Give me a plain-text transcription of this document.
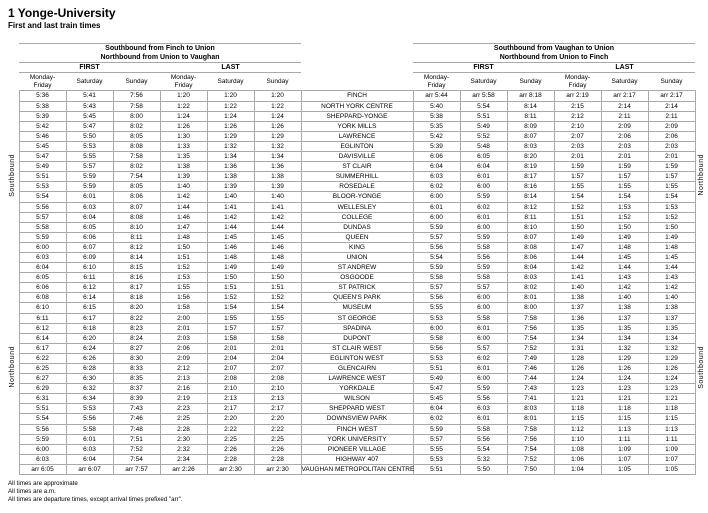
1 Yonge-University
First and last train times

	Southbound from Finch to Union							Southbound from Vaughan to Union						
	Northbound from Union to Vaughan							Northbound from Union to Finch						
	FIRST			LAST				FIRST			LAST			
	Monday-
Friday	Saturday	Sunday	Monday-
Friday	Saturday	Sunday		Monday-
Friday	Saturday	Sunday	Monday-
Friday	Saturday	Sunday	
Southbound	5:36	5:41	7:56	1:20	1:20	1:20	FINCH	arr 5:44	arr 5:58	arr 8:18	arr 2:19	arr 2:17	arr 2:17	Northbound
	5:38	5:43	7:58	1:22	1:22	1:22	NORTH YORK CENTRE	5:40	5:54	8:14	2:15	2:14	2:14	
	5:39	5:45	8:00	1:24	1:24	1:24	SHEPPARD-YONGE	5:38	5:51	8:11	2:12	2:11	2:11	
	5:42	5:47	8:02	1:26	1:26	1:26	YORK MILLS	5:35	5:49	8:09	2:10	2:09	2:09	
	5:46	5:50	8:05	1:30	1:29	1:29	LAWRENCE	5:42	5:52	8:07	2:07	2:06	2:06	
	5:45	5:53	8:08	1:33	1:32	1:32	EGLINTON	5:39	5:48	8:03	2:03	2:03	2:03	
	5:47	5:55	7:58	1:35	1:34	1:34	DAVISVILLE	6:06	6:05	8:20	2:01	2:01	2:01	
	5:49	5:57	8:02	1:38	1:36	1:36	ST CLAIR	6:04	6:04	8:19	1:59	1:59	1:59	
	5:51	5:59	7:54	1:39	1:38	1:38	SUMMERHILL	6:03	6:01	8:17	1:57	1:57	1:57	
	5:53	5:59	8:05	1:40	1:39	1:39	ROSEDALE	6:02	6:00	8:16	1:55	1:55	1:55	
	5:54	6:01	8:06	1:42	1:40	1:40	BLOOR-YONGE	6:00	5:59	8:14	1:54	1:54	1:54	
	5:56	6:03	8:07	1:44	1:41	1:41	WELLESLEY	6:01	6:02	8:12	1:52	1:53	1:53	
	5:57	6:04	8:08	1:46	1:42	1:42	COLLEGE	6:00	6:01	8:11	1:51	1:52	1:52	
	5:58	6:05	8:10	1:47	1:44	1:44	DUNDAS	5:59	6:00	8:10	1:50	1:50	1:50	
	5:59	6:06	8:11	1:48	1:45	1:45	QUEEN	5:57	5:59	8:07	1:49	1:49	1:49	
	6:00	6:07	8:12	1:50	1:46	1:46	KING	5:56	5:58	8:08	1:47	1:48	1:48	
	6:03	6:09	8:14	1:51	1:48	1:48	UNION	5:54	5:56	8:06	1:44	1:45	1:45	
Northbound	6:04	6:10	8:15	1:52	1:49	1:49	ST ANDREW	5:59	5:59	8:04	1:42	1:44	1:44	Southbound
	6:05	6:11	8:16	1:53	1:50	1:50	OSGOODE	5:58	5:58	8:03	1:41	1:43	1:43	
	6:06	6:12	8:17	1:55	1:51	1:51	ST PATRICK	5:57	5:57	8:02	1:40	1:42	1:42	
	6:08	6:14	8:18	1:56	1:52	1:52	QUEEN'S PARK	5:56	6:00	8:01	1:38	1:40	1:40	
	6:10	6:15	8:20	1:58	1:54	1:54	MUSEUM	5:55	6:00	8:00	1:37	1:38	1:38	
	6:11	6:17	8:22	2:00	1:55	1:55	ST GEORGE	5:53	5:58	7:58	1:36	1:37	1:37	
	6:12	6:18	8:23	2:01	1:57	1:57	SPADINA	6:00	6:01	7:56	1:35	1:35	1:35	
	6:14	6:20	8:24	2:03	1:58	1:58	DUPONT	5:58	6:00	7:54	1:34	1:34	1:34	
	6:17	6:24	8:27	2:06	2:01	2:01	ST CLAIR WEST	5:56	5:57	7:52	1:31	1:32	1:32	
	6:22	6:26	8:30	2:09	2:04	2:04	EGLINTON WEST	5:53	6:02	7:49	1:28	1:29	1:29	
	6:25	6:28	8:33	2:12	2:07	2:07	GLENCAIRN	5:51	6:01	7:46	1:26	1:26	1:26	
	6:27	6:30	8:35	2:13	2:08	2:08	LAWRENCE WEST	5:49	6:00	7:44	1:24	1:24	1:24	
	6:29	6:32	8:37	2:16	2:10	2:10	YORKDALE	5:47	5:59	7:43	1:23	1:23	1:23	
	6:31	6:34	8:39	2:19	2:13	2:13	WILSON	5:45	5:56	7:41	1:21	1:21	1:21	
	5:51	5:53	7:43	2:23	2:17	2:17	SHEPPARD WEST	6:04	6:03	8:03	1:18	1:18	1:18	
	5:54	5:56	7:46	2:25	2:20	2:20	DOWNSVIEW PARK	6:02	6:01	8:01	1:15	1:15	1:15	
	5:56	5:58	7:48	2:28	2:22	2:22	FINCH WEST	5:59	5:58	7:58	1:12	1:13	1:13	
	5:59	6:01	7:51	2:30	2:25	2:25	YORK UNIVERSITY	5:57	5:56	7:56	1:10	1:11	1:11	
	6:00	6:03	7:52	2:32	2:26	2:26	PIONEER VILLAGE	5:55	5:54	7:54	1:08	1:09	1:09	
	6:03	6:04	7:54	2:34	2:28	2:28	HIGHWAY 407	5:53	5:32	7:52	1:06	1:07	1:07	
	arr 6:05	arr 6:07	arr 7:57	arr 2:26	arr 2:30	arr 2:30	VAUGHAN METROPOLITAN CENTRE	5:51	5:50	7:50	1:04	1:05	1:05	
All times are approximate
All times are a.m.
All times are departure times, except arrival times prefixed "arr".
